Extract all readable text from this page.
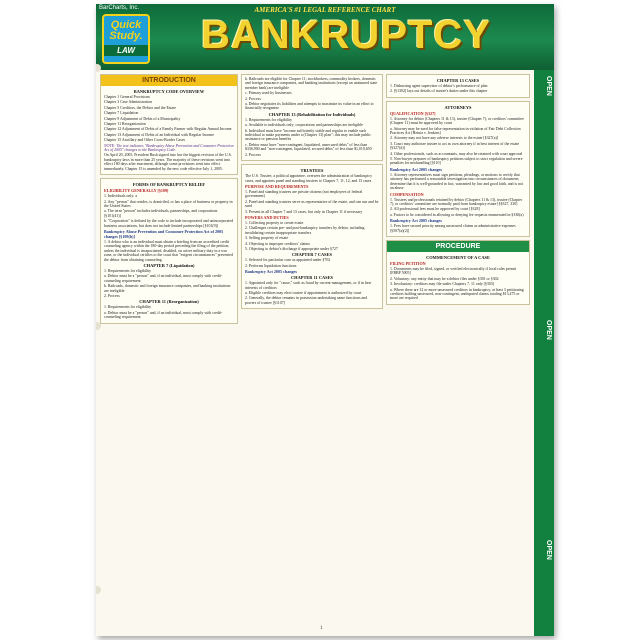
BarCharts, Inc.
Quick
Study.
LAW
AMERICA'S #1 LEGAL REFERENCE CHART
BANKRUPTCY
OPEN
OPEN
OPEN
INTRODUCTION
BANKRUPTCY CODE OVERVIEW
Chapter 1 General Provisions
Chapter 3 Case Administration
Chapter 5 Creditors, the Debtor and the Estate
Chapter 7 Liquidation
Chapter 9 Adjustment of Debts of a Municipality
Chapter 11 Reorganization
Chapter 12 Adjustment of Debts of a Family Farmer with Regular Annual Income
Chapter 13 Adjustment of Debts of an Individual with Regular Income
Chapter 15 Ancillary and Other Cross-Border Cases
NOTE: The text indicates "Bankruptcy Abuse Prevention and Consumer Protection Act of 2005" changes to the Bankruptcy Code.
On April 20, 2005, President Bush signed into law the biggest revision of the U.S. bankruptcy laws in more than 25 years. The majority of these revisions went into effect 180 days after enactment, although some provisions went into effect immediately. Chapter 15 is amended by the new code effective July 1, 2005.
FORMS OF BANKRUPTCY RELIEF
ELIGIBILITY GENERALLY [§109]
1. Individuals only: a
2. Any "person" that resides, is domiciled, or has a place of business or property in the United States
a. The term "person" includes individuals, partnerships, and corporations [§101(41)]
b. "Corporation" is defined by the code to include incorporated and unincorporated business associations, but does not include limited partnerships [§101(9)]
Bankruptcy Abuse Prevention and Consumer Protection Act of 2005 changes [§109(h)]
1. A debtor who is an individual must obtain a briefing from an accredited credit counseling agency within the 180-day period preceding the filing of the petition, unless the individual is incapacitated, disabled, on active military duty in a war zone, or the individual certifies to the court that "exigent circumstances" prevented the debtor from obtaining counseling
CHAPTER 7 (Liquidation)
1. Requirements for eligibility
a. Debtor must be a "person" and, if an individual, must comply with credit-counseling requirement
b. Railroads, domestic and foreign insurance companies, and banking institutions are ineligible
2. Process
CHAPTER 11 (Reorganization)
1. Requirements for eligibility
a. Debtor must be a "person" and, if an individual, must comply with credit-counseling requirement
b. Railroads are eligible for Chapter 11; stockbrokers, commodity brokers, domestic and foreign insurance companies, and banking institutions (except an uninsured state member bank) are ineligible
c. Primary used by businesses
2. Process
a. Debtor negotiates its liabilities and attempts to maximize its value in an effort to financially reorganize
CHAPTER 13 (Rehabilitation for Individuals)
1. Requirements for eligibility
a. Available to individuals only; corporations and partnerships are ineligible
b. Individual must have "income sufficiently stable and regular to enable such individual to make payments under a (Chapter 13) plan"; this may include public assistance or pension benefits
c. Debtor must have "non-contingent, liquidated, unsecured debts" of less than $336,900 and "non-contingent, liquidated, secured debts" of less than $1,010,650
2. Process
TRUSTEES
The U.S. Trustee, a political appointee, oversees the administration of bankruptcy cases, and appoints panel and standing trustees to Chapter 7, 11, 12, and 13 cases
PURPOSE AND REQUIREMENTS
1. Panel and standing trustees are private citizens (not employees of federal government)
2. Panel and standing trustees serve as representative of the estate, and can sue and be sued
3. Present in all Chapter 7 and 13 cases, but only in Chapter 11 if necessary
POWERS AND DUTIES
1. Collecting property to create estate
2. Challenges certain pre- and post-bankruptcy transfers by debtor, including invalidating certain inappropriate transfers
3. Selling property of estate
4. Objecting to improper creditors' claims
5. Objecting to debtor's discharge if appropriate under §727
CHAPTER 7 CASES
1. Selected for particular case as appointed under §702
2. Performs liquidation functions
Bankruptcy Act 2005 changes
CHAPTER 11 CASES
1. Appointed only for "cause," such as fraud by current management, or if in best interests of creditors
a. Eligible creditors may elect trustee if appointment is authorized by court
2. Generally, the debtor remains in possession undertaking same functions and powers of trustee [§1107]
CHAPTER 13 CASES
1. Disbursing agent supervisor of debtor's performance of plan
2. [§1302] lays out details of trustee's duties under this chapter
ATTORNEYS
QUALIFICATION [§327]
1. Attorney for debtor (Chapters 11 & 13), trustee (Chapter 7), or creditors' committee (Chapter 11) must be approved by court
a. Attorney may be sued for false representation in violation of Fair Debt Collection Practices Act [Heintz v. Jenkins]
2. Attorney may not have any adverse interests to the estate [§327(a)]
3. Court may authorize trustee to act as own attorney if in best interest of the estate [§327(d)]
4. Other professionals, such as accountants, may also be retained with court approval
5. Non-lawyer preparer of bankruptcy petitions subject to strict regulation and severe penalties for mishandling [§110]
Bankruptcy Act 2005 changes
1. Attorney representatives must sign petitions, pleadings, or motions to certify that attorney has performed a reasonable investigation into circumstances of document; determine that it is well-grounded in fact, warranted by law and good faith, and is not an abuse
COMPENSATION
1. Trustees and professionals retained by debtor (Chapters 11 & 13), trustee (Chapter 7), or creditors' committee are normally paid from bankruptcy estate [§§327, 330]
2. All professional fees must be approved by court [§328]
a. Factors to be considered in allowing or denying fee requests enumerated in §330(a)
Bankruptcy Act 2005 changes
1. Fees have second priority among unsecured claims as administrative expenses [§507(a)(2)]
PROCEDURE
COMMENCEMENT OF A CASE
FILING PETITION
1. Documents may be filed, signed, or verified electronically if local rules permit [FRBP 5005]
2. Voluntary: any entity that may be a debtor files under §301 or §302
3. Involuntary: creditors may file under Chapters 7, 11 only [§303]
a. Where there are 12 or more unsecured creditors in bankruptcy, at least 3 petitioning creditors holding unsecured, non-contingent, undisputed claims totaling $13,475 or more are required
1
